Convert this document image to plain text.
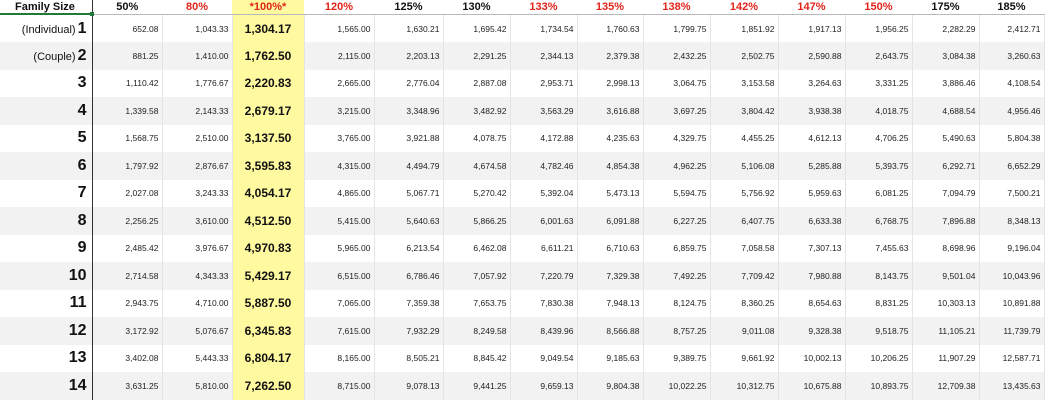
Family Size	50%	80%	*100%*	120%	125%	130%	133%	135%	138%	142%	147%	150%	175%	185%
(Individual) 1	652.08	1,043.33	1,304.17	1,565.00	1,630.21	1,695.42	1,734.54	1,760.63	1,799.75	1,851.92	1,917.13	1,956.25	2,282.29	2,412.71
(Couple) 2	881.25	1,410.00	1,762.50	2,115.00	2,203.13	2,291.25	2,344.13	2,379.38	2,432.25	2,502.75	2,590.88	2,643.75	3,084.38	3,260.63
3	1,110.42	1,776.67	2,220.83	2,665.00	2,776.04	2,887.08	2,953.71	2,998.13	3,064.75	3,153.58	3,264.63	3,331.25	3,886.46	4,108.54
4	1,339.58	2,143.33	2,679.17	3,215.00	3,348.96	3,482.92	3,563.29	3,616.88	3,697.25	3,804.42	3,938.38	4,018.75	4,688.54	4,956.46
5	1,568.75	2,510.00	3,137.50	3,765.00	3,921.88	4,078.75	4,172.88	4,235.63	4,329.75	4,455.25	4,612.13	4,706.25	5,490.63	5,804.38
6	1,797.92	2,876.67	3,595.83	4,315.00	4,494.79	4,674.58	4,782.46	4,854.38	4,962.25	5,106.08	5,285.88	5,393.75	6,292.71	6,652.29
7	2,027.08	3,243.33	4,054.17	4,865.00	5,067.71	5,270.42	5,392.04	5,473.13	5,594.75	5,756.92	5,959.63	6,081.25	7,094.79	7,500.21
8	2,256.25	3,610.00	4,512.50	5,415.00	5,640.63	5,866.25	6,001.63	6,091.88	6,227.25	6,407.75	6,633.38	6,768.75	7,896.88	8,348.13
9	2,485.42	3,976.67	4,970.83	5,965.00	6,213.54	6,462.08	6,611.21	6,710.63	6,859.75	7,058.58	7,307.13	7,455.63	8,698.96	9,196.04
10	2,714.58	4,343.33	5,429.17	6,515.00	6,786.46	7,057.92	7,220.79	7,329.38	7,492.25	7,709.42	7,980.88	8,143.75	9,501.04	10,043.96
11	2,943.75	4,710.00	5,887.50	7,065.00	7,359.38	7,653.75	7,830.38	7,948.13	8,124.75	8,360.25	8,654.63	8,831.25	10,303.13	10,891.88
12	3,172.92	5,076.67	6,345.83	7,615.00	7,932.29	8,249.58	8,439.96	8,566.88	8,757.25	9,011.08	9,328.38	9,518.75	11,105.21	11,739.79
13	3,402.08	5,443.33	6,804.17	8,165.00	8,505.21	8,845.42	9,049.54	9,185.63	9,389.75	9,661.92	10,002.13	10,206.25	11,907.29	12,587.71
14	3,631.25	5,810.00	7,262.50	8,715.00	9,078.13	9,441.25	9,659.13	9,804.38	10,022.25	10,312.75	10,675.88	10,893.75	12,709.38	13,435.63
